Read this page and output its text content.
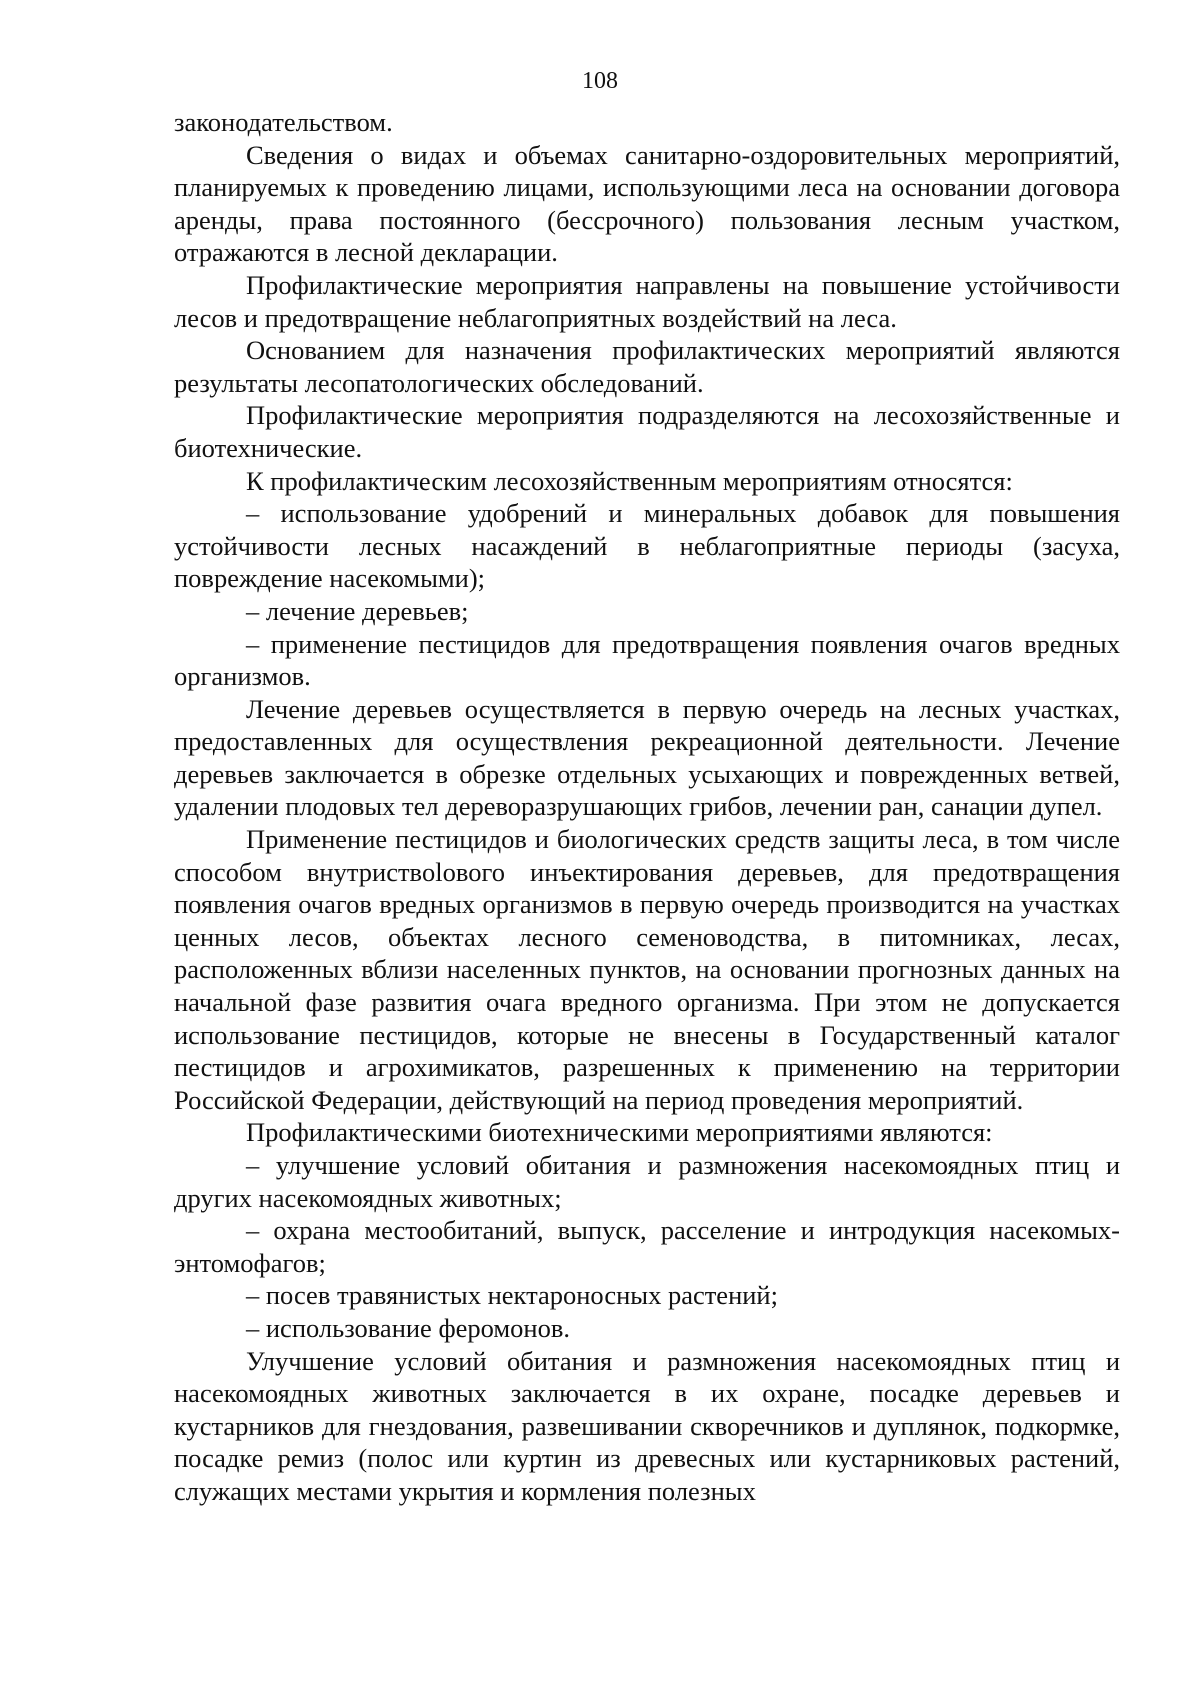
108

законодательством.

Сведения о видах и объемах санитарно-оздоровительных мероприятий, планируемых к проведению лицами, использующими леса на основании договора аренды, права постоянного (бессрочного) пользования лесным участком, отражаются в лесной декларации.

Профилактические мероприятия направлены на повышение устойчивости лесов и предотвращение неблагоприятных воздействий на леса.

Основанием для назначения профилактических мероприятий являются результаты лесопатологических обследований.

Профилактические мероприятия подразделяются на лесохозяйственные и биотехнические.

К профилактическим лесохозяйственным мероприятиям относятся:

– использование удобрений и минеральных добавок для повышения устойчивости лесных насаждений в неблагоприятные периоды (засуха, повреждение насекомыми);

– лечение деревьев;

– применение пестицидов для предотвращения появления очагов вредных организмов.

Лечение деревьев осуществляется в первую очередь на лесных участках, предоставленных для осуществления рекреационной деятельности. Лечение деревьев заключается в обрезке отдельных усыхающих и поврежденных ветвей, удалении плодовых тел дереворазрушающих грибов, лечении ран, санации дупел.

Применение пестицидов и биологических средств защиты леса, в том числе способом внутриствolового инъектирования деревьев, для предотвращения появления очагов вредных организмов в первую очередь производится на участках ценных лесов, объектах лесного семеноводства, в питомниках, лесах, расположенных вблизи населенных пунктов, на основании прогнозных данных на начальной фазе развития очага вредного организма. При этом не допускается использование пестицидов, которые не внесены в Государственный каталог пестицидов и агрохимикатов, разрешенных к применению на территории Российской Федерации, действующий на период проведения мероприятий.

Профилактическими биотехническими мероприятиями являются:

– улучшение условий обитания и размножения насекомоядных птиц и других насекомоядных животных;

– охрана местообитаний, выпуск, расселение и интродукция насекомых-энтомофагов;

– посев травянистых нектароносных растений;

– использование феромонов.

Улучшение условий обитания и размножения насекомоядных птиц и насекомоядных животных заключается в их охране, посадке деревьев и кустарников для гнездования, развешивании скворечников и дуплянок, подкормке, посадке ремиз (полос или куртин из древесных или кустарниковых растений, служащих местами укрытия и кормления полезных
